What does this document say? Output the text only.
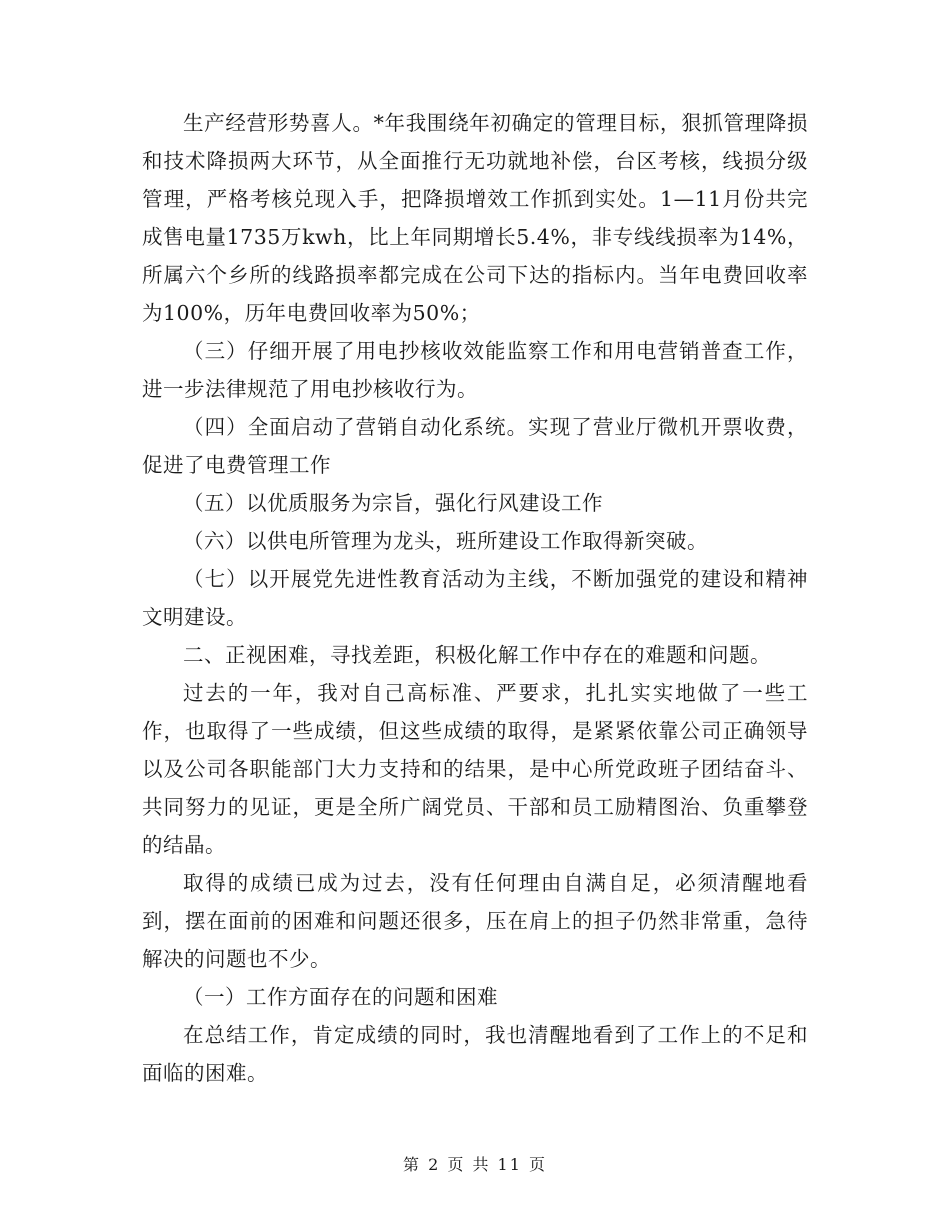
生产经营形势喜人。*年我围绕年初确定的管理目标，狠抓管理降损和技术降损两大环节，从全面推行无功就地补偿，台区考核，线损分级管理，严格考核兑现入手，把降损增效工作抓到实处。1—11月份共完成售电量1735万kwh，比上年同期增长5.4%，非专线线损率为14%，所属六个乡所的线路损率都完成在公司下达的指标内。当年电费回收率为100%，历年电费回收率为50%；

（三）仔细开展了用电抄核收效能监察工作和用电营销普查工作，进一步法律规范了用电抄核收行为。

（四）全面启动了营销自动化系统。实现了营业厅微机开票收费，促进了电费管理工作

（五）以优质服务为宗旨，强化行风建设工作

（六）以供电所管理为龙头，班所建设工作取得新突破。

（七）以开展党先进性教育活动为主线，不断加强党的建设和精神文明建设。

二、正视困难，寻找差距，积极化解工作中存在的难题和问题。

过去的一年，我对自己高标准、严要求，扎扎实实地做了一些工作，也取得了一些成绩，但这些成绩的取得，是紧紧依靠公司正确领导以及公司各职能部门大力支持和的结果，是中心所党政班子团结奋斗、共同努力的见证，更是全所广阔党员、干部和员工励精图治、负重攀登的结晶。

取得的成绩已成为过去，没有任何理由自满自足，必须清醒地看到，摆在面前的困难和问题还很多，压在肩上的担子仍然非常重，急待解决的问题也不少。

（一）工作方面存在的问题和困难

在总结工作，肯定成绩的同时，我也清醒地看到了工作上的不足和面临的困难。

第 2 页 共 11 页
